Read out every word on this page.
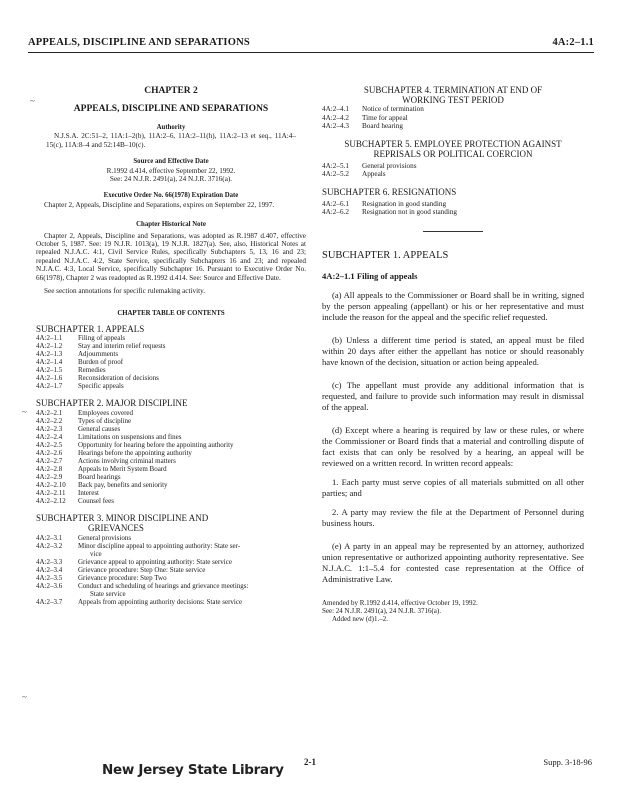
APPEALS, DISCIPLINE AND SEPARATIONS	4A:2–1.1
CHAPTER 2
APPEALS, DISCIPLINE AND SEPARATIONS
Authority

N.J.S.A. 2C:51–2, 11A:1–2(b), 11A:2–6, 11A:2–11(h), 11A:2–13 et seq., 11A:4–15(c), 11A:8–4 and 52:14B–10(c).

Source and Effective Date
R.1992 d.414, effective September 22, 1992.
See: 24 N.J.R. 2491(a), 24 N.J.R. 3716(a).
Executive Order No. 66(1978) Expiration Date

Chapter 2, Appeals, Discipline and Separations, expires on September 22, 1997.

Chapter Historical Note

Chapter 2, Appeals, Discipline and Separations, was adopted as R.1987 d.407, effective October 5, 1987. See: 19 N.J.R. 1013(a), 19 N.J.R. 1827(a). See, also, Historical Notes at repealed N.J.A.C. 4:1, Civil Service Rules, specifically Subchapters 5, 13, 16 and 23; repealed N.J.A.C. 4:2, State Service, specifically Subchapters 16 and 23; and repealed N.J.A.C. 4:3, Local Service, specifically Subchapter 16. Pursuant to Executive Order No. 66(1978), Chapter 2 was readopted as R.1992 d.414. See: Source and Effective Date.

See section annotations for specific rulemaking activity.

CHAPTER TABLE OF CONTENTS
SUBCHAPTER 1. APPEALS
4A:2–1.1	Filing of appeals
4A:2–1.2	Stay and interim relief requests
4A:2–1.3	Adjournments
4A:2–1.4	Burden of proof
4A:2–1.5	Remedies
4A:2–1.6	Reconsideration of decisions
4A:2–1.7	Specific appeals
SUBCHAPTER 2. MAJOR DISCIPLINE
4A:2–2.1	Employees covered
4A:2–2.2	Types of discipline
4A:2–2.3	General causes
4A:2–2.4	Limitations on suspensions and fines
4A:2–2.5	Opportunity for hearing before the appointing authority
4A:2–2.6	Hearings before the appointing authority
4A:2–2.7	Actions involving criminal matters
4A:2–2.8	Appeals to Merit System Board
4A:2–2.9	Board hearings
4A:2–2.10	Back pay, benefits and seniority
4A:2–2.11	Interest
4A:2–2.12	Counsel fees
SUBCHAPTER 3. MINOR DISCIPLINE AND
GRIEVANCES
4A:2–3.1	General provisions
4A:2–3.2	Minor discipline appeal to appointing authority: State ser-
vice
4A:2–3.3	Grievance appeal to appointing authority: State service
4A:2–3.4	Grievance procedure: Step One: State service
4A:2–3.5	Grievance procedure: Step Two
4A:2–3.6	Conduct and scheduling of hearings and grievance meetings:
State service
4A:2–3.7	Appeals from appointing authority decisions: State service
SUBCHAPTER 4. TERMINATION AT END OF
WORKING TEST PERIOD
4A:2–4.1	Notice of termination
4A:2–4.2	Time for appeal
4A:2–4.3	Board hearing
SUBCHAPTER 5. EMPLOYEE PROTECTION AGAINST
REPRISALS OR POLITICAL COERCION
4A:2–5.1	General provisions
4A:2–5.2	Appeals
SUBCHAPTER 6. RESIGNATIONS
4A:2–6.1	Resignation in good standing
4A:2–6.2	Resignation not in good standing
SUBCHAPTER 1. APPEALS
4A:2–1.1 Filing of appeals

(a) All appeals to the Commissioner or Board shall be in writing, signed by the person appealing (appellant) or his or her representative and must include the reason for the appeal and the specific relief requested.

(b) Unless a different time period is stated, an appeal must be filed within 20 days after either the appellant has notice or should reasonably have known of the decision, situation or action being appealed.

(c) The appellant must provide any additional information that is requested, and failure to provide such information may result in dismissal of the appeal.

(d) Except where a hearing is required by law or these rules, or where the Commissioner or Board finds that a material and controlling dispute of fact exists that can only be resolved by a hearing, an appeal will be reviewed on a written record. In written record appeals:

1. Each party must serve copies of all materials submitted on all other parties; and

2. A party may review the file at the Department of Personnel during business hours.

(e) A party in an appeal may be represented by an attorney, authorized union representative or authorized appointing authority representative. See N.J.A.C. 1:1–5.4 for contested case representation at the Office of Administrative Law.

Amended by R.1992 d.414, effective October 19, 1992.
See: 24 N.J.R. 2491(a), 24 N.J.R. 3716(a).
Added new (d)1.–2.
~
~
~
2-1	Supp. 3-18-96
New Jersey State Library
